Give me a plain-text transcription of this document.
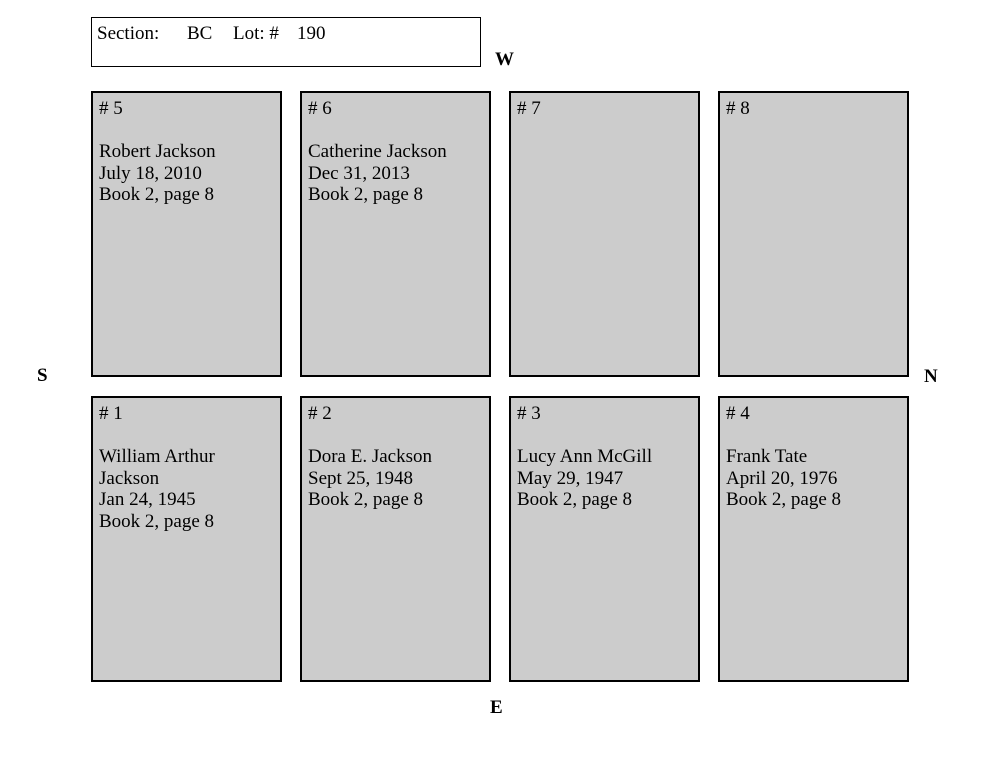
Section: BC Lot: # 190
W
E
S	N
# 5
Robert Jackson
July 18, 2010
Book 2, page 8
# 6
Catherine Jackson
Dec 31, 2013
Book 2, page 8
# 7	# 8
# 1
William Arthur
Jackson
Jan 24, 1945
Book 2, page 8
# 2
Dora E. Jackson
Sept 25, 1948
Book 2, page 8
# 3
Lucy Ann McGill
May 29, 1947
Book 2, page 8
# 4
Frank Tate
April 20, 1976
Book 2, page 8
